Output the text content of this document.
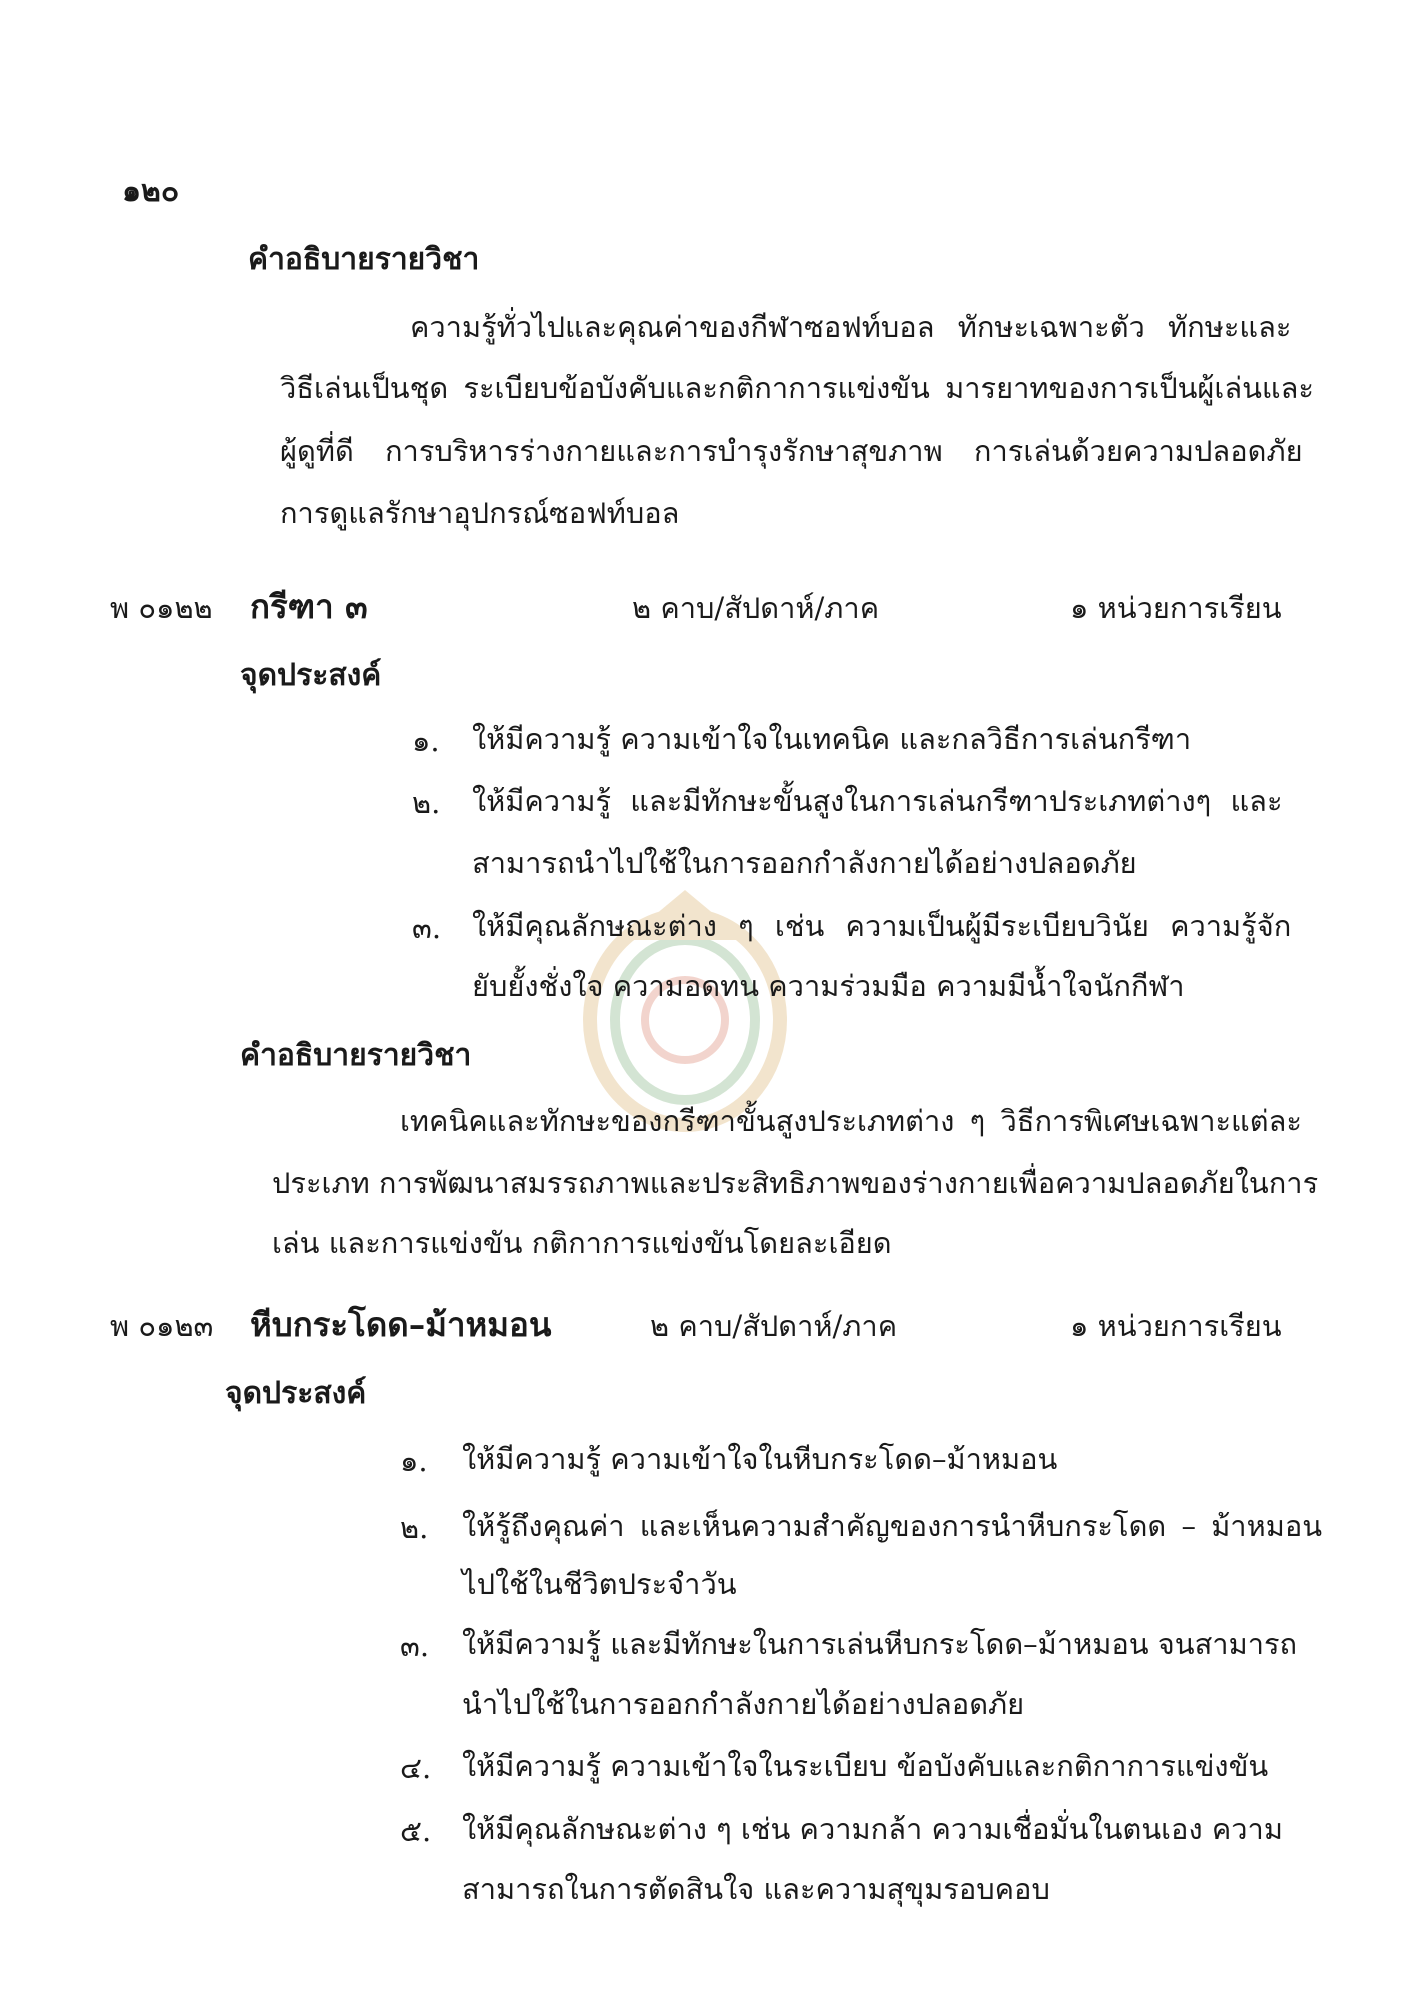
๑๒๐
คำอธิบายรายวิชา
ความรู้ทั่วไปและคุณค่าของกีฬาซอฟท์บอล ทักษะเฉพาะตัว ทักษะและ
วิธีเล่นเป็นชุด ระเบียบข้อบังคับและกติกาการแข่งขัน มารยาทของการเป็นผู้เล่นและ
ผู้ดูที่ดี การบริหารร่างกายและการบำรุงรักษาสุขภาพ การเล่นด้วยความปลอดภัย
การดูแลรักษาอุปกรณ์ซอฟท์บอล
พ ๐๑๒๒ กรีฑา ๓	๒ คาบ/สัปดาห์/ภาค	๑ หน่วยการเรียน
จุดประสงค์
๑. ให้มีความรู้ ความเข้าใจในเทคนิค และกลวิธีการเล่นกรีฑา
๒. ให้มีความรู้ และมีทักษะขั้นสูงในการเล่นกรีฑาประเภทต่างๆ และ
สามารถนำไปใช้ในการออกกำลังกายได้อย่างปลอดภัย
๓. ให้มีคุณลักษณะต่าง ๆ เช่น ความเป็นผู้มีระเบียบวินัย ความรู้จัก
ยับยั้งชั่งใจ ความอดทน ความร่วมมือ ความมีน้ำใจนักกีฬา
คำอธิบายรายวิชา
เทคนิคและทักษะของกรีฑาขั้นสูงประเภทต่าง ๆ วิธีการพิเศษเฉพาะแต่ละ
ประเภท การพัฒนาสมรรถภาพและประสิทธิภาพของร่างกายเพื่อความปลอดภัยในการ
เล่น และการแข่งขัน กติกาการแข่งขันโดยละเอียด
พ ๐๑๒๓ หีบกระโดด–ม้าหมอน	๒ คาบ/สัปดาห์/ภาค	๑ หน่วยการเรียน
จุดประสงค์
๑. ให้มีความรู้ ความเข้าใจในหีบกระโดด–ม้าหมอน
๒. ให้รู้ถึงคุณค่า และเห็นความสำคัญของการนำหีบกระโดด – ม้าหมอน
ไปใช้ในชีวิตประจำวัน
๓. ให้มีความรู้ และมีทักษะในการเล่นหีบกระโดด–ม้าหมอน จนสามารถ
นำไปใช้ในการออกกำลังกายได้อย่างปลอดภัย
๔. ให้มีความรู้ ความเข้าใจในระเบียบ ข้อบังคับและกติกาการแข่งขัน
๕. ให้มีคุณลักษณะต่าง ๆ เช่น ความกล้า ความเชื่อมั่นในตนเอง ความ
สามารถในการตัดสินใจ และความสุขุมรอบคอบ
